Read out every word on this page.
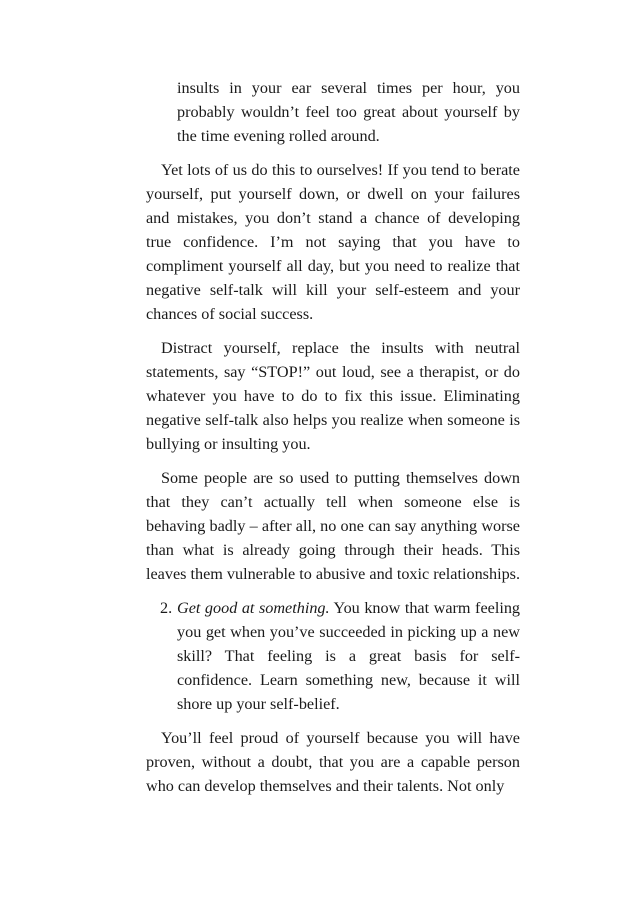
insults in your ear several times per hour, you probably wouldn’t feel too great about yourself by the time evening rolled around.

Yet lots of us do this to ourselves! If you tend to berate yourself, put yourself down, or dwell on your failures and mistakes, you don’t stand a chance of developing true confidence. I’m not saying that you have to compliment yourself all day, but you need to realize that negative self-talk will kill your self-esteem and your chances of social success.

Distract yourself, replace the insults with neutral statements, say “STOP!” out loud, see a therapist, or do whatever you have to do to fix this issue. Eliminating negative self-talk also helps you realize when someone is bullying or insulting you.

Some people are so used to putting themselves down that they can’t actually tell when someone else is behaving badly – after all, no one can say anything worse than what is already going through their heads. This leaves them vulnerable to abusive and toxic relationships.

2. Get good at something. You know that warm feeling you get when you’ve succeeded in picking up a new skill? That feeling is a great basis for self-confidence. Learn something new, because it will shore up your self-belief.

You’ll feel proud of yourself because you will have proven, without a doubt, that you are a capable person who can develop themselves and their talents. Not only
